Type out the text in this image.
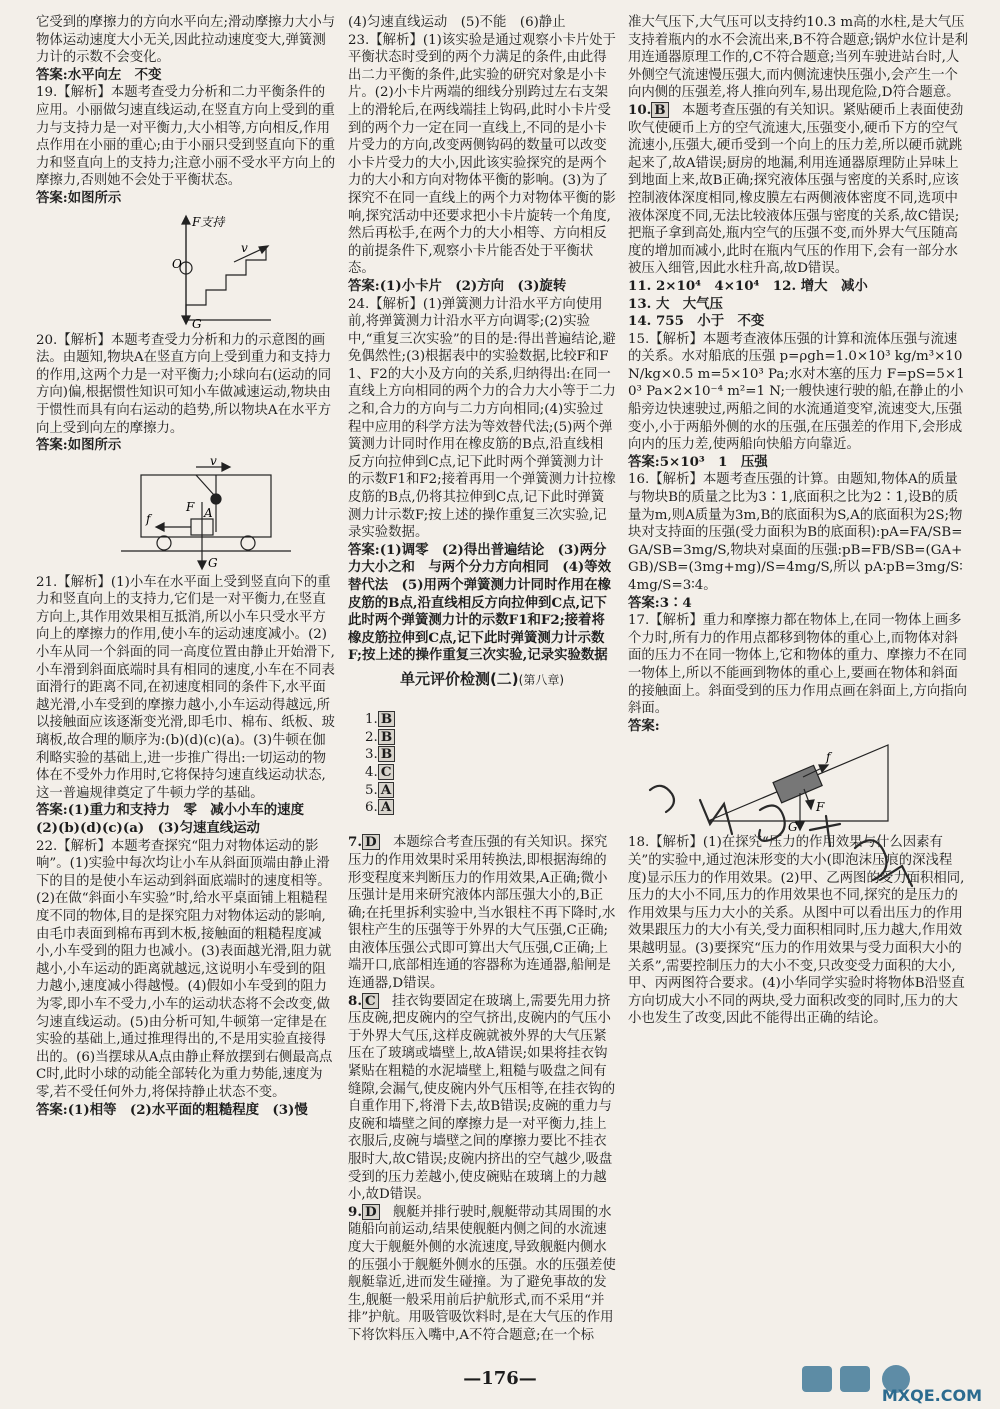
它受到的摩擦力的方向水平向左;滑动摩擦力大小与物体运动速度大小无关,因此拉动速度变大,弹簧测力计的示数不会变化。

答案:水平向左　不变

19.【解析】本题考查受力分析和二力平衡条件的应用。小丽做匀速直线运动,在竖直方向上受到的重力与支持力是一对平衡力,大小相等,方向相反,作用点作用在小丽的重心;由于小丽只受到竖直向下的重力和竖直向上的支持力;注意小丽不受水平方向上的摩擦力,否则她不会处于平衡状态。

答案:如图所示

F支持
O
v
G

20.【解析】本题考查受力分析和力的示意图的画法。由题知,物块A在竖直方向上受到重力和支持力的作用,这两个力是一对平衡力;小球向右(运动的同方向)偏,根据惯性知识可知小车做减速运动,物块由于惯性而具有向右运动的趋势,所以物块A在水平方向上受到向左的摩擦力。

答案:如图所示

v
F A
f
G

21.【解析】(1)小车在水平面上受到竖直向下的重力和竖直向上的支持力,它们是一对平衡力,在竖直方向上,其作用效果相互抵消,所以小车只受水平方向上的摩擦力的作用,使小车的运动速度减小。(2)小车从同一个斜面的同一高度位置由静止开始滑下,小车滑到斜面底端时具有相同的速度,小车在不同表面滑行的距离不同,在初速度相同的条件下,水平面越光滑,小车受到的摩擦力越小,小车运动得越远,所以接触面应该逐渐变光滑,即毛巾、棉布、纸板、玻璃板,故合理的顺序为:(b)(d)(c)(a)。(3)牛顿在伽利略实验的基础上,进一步推广得出:一切运动的物体在不受外力作用时,它将保持匀速直线运动状态,这一普遍规律奠定了牛顿力学的基础。

答案:(1)重力和支持力　零　减小小车的速度　(2)(b)(d)(c)(a)　(3)匀速直线运动

22.【解析】本题考查探究“阻力对物体运动的影响”。(1)实验中每次均让小车从斜面顶端由静止滑下的目的是使小车运动到斜面底端时的速度相等。(2)在做“斜面小车实验”时,给水平桌面铺上粗糙程度不同的物体,目的是探究阻力对物体运动的影响,由毛巾表面到棉布再到木板,接触面的粗糙程度减小,小车受到的阻力也减小。(3)表面越光滑,阻力就越小,小车运动的距离就越远,这说明小车受到的阻力越小,速度减小得越慢。(4)假如小车受到的阻力为零,即小车不受力,小车的运动状态将不会改变,做匀速直线运动。(5)由分析可知,牛顿第一定律是在实验的基础上,通过推理得出的,不是用实验直接得出的。(6)当摆球从A点由静止释放摆到右侧最高点C时,此时小球的动能全部转化为重力势能,速度为零,若不受任何外力,将保持静止状态不变。

答案:(1)相等　(2)水平面的粗糙程度　(3)慢

(4)匀速直线运动　(5)不能　(6)静止

23.【解析】(1)该实验是通过观察小卡片处于平衡状态时受到的两个力满足的条件,由此得出二力平衡的条件,此实验的研究对象是小卡片。(2)小卡片两端的细线分别跨过左右支架上的滑轮后,在两线端挂上钩码,此时小卡片受到的两个力一定在同一直线上,不同的是小卡片受力的方向,改变两侧钩码的数量可以改变小卡片受力的大小,因此该实验探究的是两个力的大小和方向对物体平衡的影响。(3)为了探究不在同一直线上的两个力对物体平衡的影响,探究活动中还要求把小卡片旋转一个角度,然后再松手,在两个力的大小相等、方向相反的前提条件下,观察小卡片能否处于平衡状态。

答案:(1)小卡片　(2)方向　(3)旋转

24.【解析】(1)弹簧测力计沿水平方向使用前,将弹簧测力计沿水平方向调零;(2)实验中,“重复三次实验”的目的是:得出普遍结论,避免偶然性;(3)根据表中的实验数据,比较F和F1、F2的大小及方向的关系,归纳得出:在同一直线上方向相同的两个力的合力大小等于二力之和,合力的方向与二力方向相同;(4)实验过程中应用的科学方法为等效替代法;(5)两个弹簧测力计同时作用在橡皮筋的B点,沿直线相反方向拉伸到C点,记下此时两个弹簧测力计的示数F1和F2;接着再用一个弹簧测力计拉橡皮筋的B点,仍将其拉伸到C点,记下此时弹簧测力计示数F;按上述的操作重复三次实验,记录实验数据。

答案:(1)调零　(2)得出普遍结论　(3)两分力大小之和　与两个分力方向相同　(4)等效替代法　(5)用两个弹簧测力计同时作用在橡皮筋的B点,沿直线相反方向拉伸到C点,记下此时两个弹簧测力计的示数F1和F2;接着将橡皮筋拉伸到C点,记下此时弹簧测力计示数F;按上述的操作重复三次实验,记录实验数据

单元评价检测(二)(第八章)

1. B
2. B
3. B
4. C
5. A
6. A

7. D　 本题综合考查压强的有关知识。探究压力的作用效果时采用转换法,即根据海绵的形变程度来判断压力的作用效果,A正确;微小压强计是用来研究液体内部压强大小的,B正确;在托里拆利实验中,当水银柱不再下降时,水银柱产生的压强等于外界的大气压强,C正确;由液体压强公式即可算出大气压强,C正确;上端开口,底部相连通的容器称为连通器,船闸是连通器,D错误。

8. C　 挂衣钩要固定在玻璃上,需要先用力挤压皮碗,把皮碗内的空气挤出,皮碗内的气压小于外界大气压,这样皮碗就被外界的大气压紧压在了玻璃或墙壁上,故A错误;如果将挂衣钩紧贴在粗糙的水泥墙壁上,粗糙与吸盘之间有缝隙,会漏气,使皮碗内外气压相等,在挂衣钩的自重作用下,将滑下去,故B错误;皮碗的重力与皮碗和墙壁之间的摩擦力是一对平衡力,挂上衣服后,皮碗与墙壁之间的摩擦力要比不挂衣服时大,故C错误;皮碗内挤出的空气越少,吸盘受到的压力差越小,使皮碗贴在玻璃上的力越小,故D错误。

9. D　 舰艇并排行驶时,舰艇带动其周围的水随船向前运动,结果使舰艇内侧之间的水流速度大于舰艇外侧的水流速度,导致舰艇内侧水的压强小于舰艇外侧水的压强。水的压强差使舰艇靠近,进而发生碰撞。为了避免事故的发生,舰艇一般采用前后护航形式,而不采用“并排”护航。用吸管吸饮料时,是在大气压的作用下将饮料压入嘴中,A不符合题意;在一个标

准大气压下,大气压可以支持约10.3 m高的水柱,是大气压支持着瓶内的水不会流出来,B不符合题意;锅炉水位计是利用连通器原理工作的,C不符合题意;当列车驶进站台时,人外侧空气流速慢压强大,而内侧流速快压强小,会产生一个向内侧的压强差,将人推向列车,易出现危险,D符合题意。

10. B　 本题考查压强的有关知识。紧贴硬币上表面使劲吹气使硬币上方的空气流速大,压强变小,硬币下方的空气流速小,压强大,硬币受到一个向上的压力差,所以硬币就跳起来了,故A错误;厨房的地漏,利用连通器原理防止异味上到地面上来,故B正确;探究液体压强与密度的关系时,应该控制液体深度相同,橡皮膜左右两侧液体密度不同,选项中液体深度不同,无法比较液体压强与密度的关系,故C错误;把瓶子拿到高处,瓶内空气的压强不变,而外界大气压随高度的增加而减小,此时在瓶内气压的作用下,会有一部分水被压入细管,因此水柱升高,故D错误。

11. 2×10⁴　4×10⁴　12. 增大　减小

13. 大　大气压

14. 755　小于　不变

15.【解析】本题考查液体压强的计算和流体压强与流速的关系。水对船底的压强 p=ρgh=1.0×10³ kg/m³×10 N/kg×0.5 m=5×10³ Pa;水对木塞的压力 F=pS=5×10³ Pa×2×10⁻⁴ m²=1 N;一艘快速行驶的船,在静止的小船旁边快速驶过,两船之间的水流通道变窄,流速变大,压强变小,小于两船外侧的水的压强,在压强差的作用下,会形成向内的压力差,使两船向快船方向靠近。

答案:5×10³　1　压强

16.【解析】本题考查压强的计算。由题知,物体A的质量与物块B的质量之比为3∶1,底面积之比为2∶1,设B的质量为m,则A质量为3m,B的底面积为S,A的底面积为2S;物块对支持面的压强(受力面积为B的底面积):pA=FA/SB=GA/SB=3mg/S,物块对桌面的压强:pB=FB/SB=(GA+GB)/SB=(3mg+mg)/S=4mg/S,所以 pA∶pB=3mg/S∶4mg/S=3∶4。

答案:3∶4

17.【解析】重力和摩擦力都在物体上,在同一物体上画多个力时,所有力的作用点都移到物体的重心上,而物体对斜面的压力不在同一物体上,它和物体的重力、摩擦力不在同一物体上,所以不能画到物体的重心上,要画在物体和斜面的接触面上。斜面受到的压力作用点画在斜面上,方向指向斜面。

答案:

f
F
G

18.【解析】(1)在探究“压力的作用效果与什么因素有关”的实验中,通过泡沫形变的大小(即泡沫压痕的深浅程度)显示压力的作用效果。(2)甲、乙两图的受力面积相同,压力的大小不同,压力的作用效果也不同,探究的是压力的作用效果与压力大小的关系。从图中可以看出压力的作用效果跟压力的大小有关,受力面积相同时,压力越大,作用效果越明显。(3)要探究“压力的作用效果与受力面积大小的关系”,需要控制压力的大小不变,只改变受力面积的大小,甲、丙两图符合要求。(4)小华同学实验时将物体B沿竖直方向切成大小不同的两块,受力面积改变的同时,压力的大小也发生了改变,因此不能得出正确的结论。

—176—
MXQE.COM
